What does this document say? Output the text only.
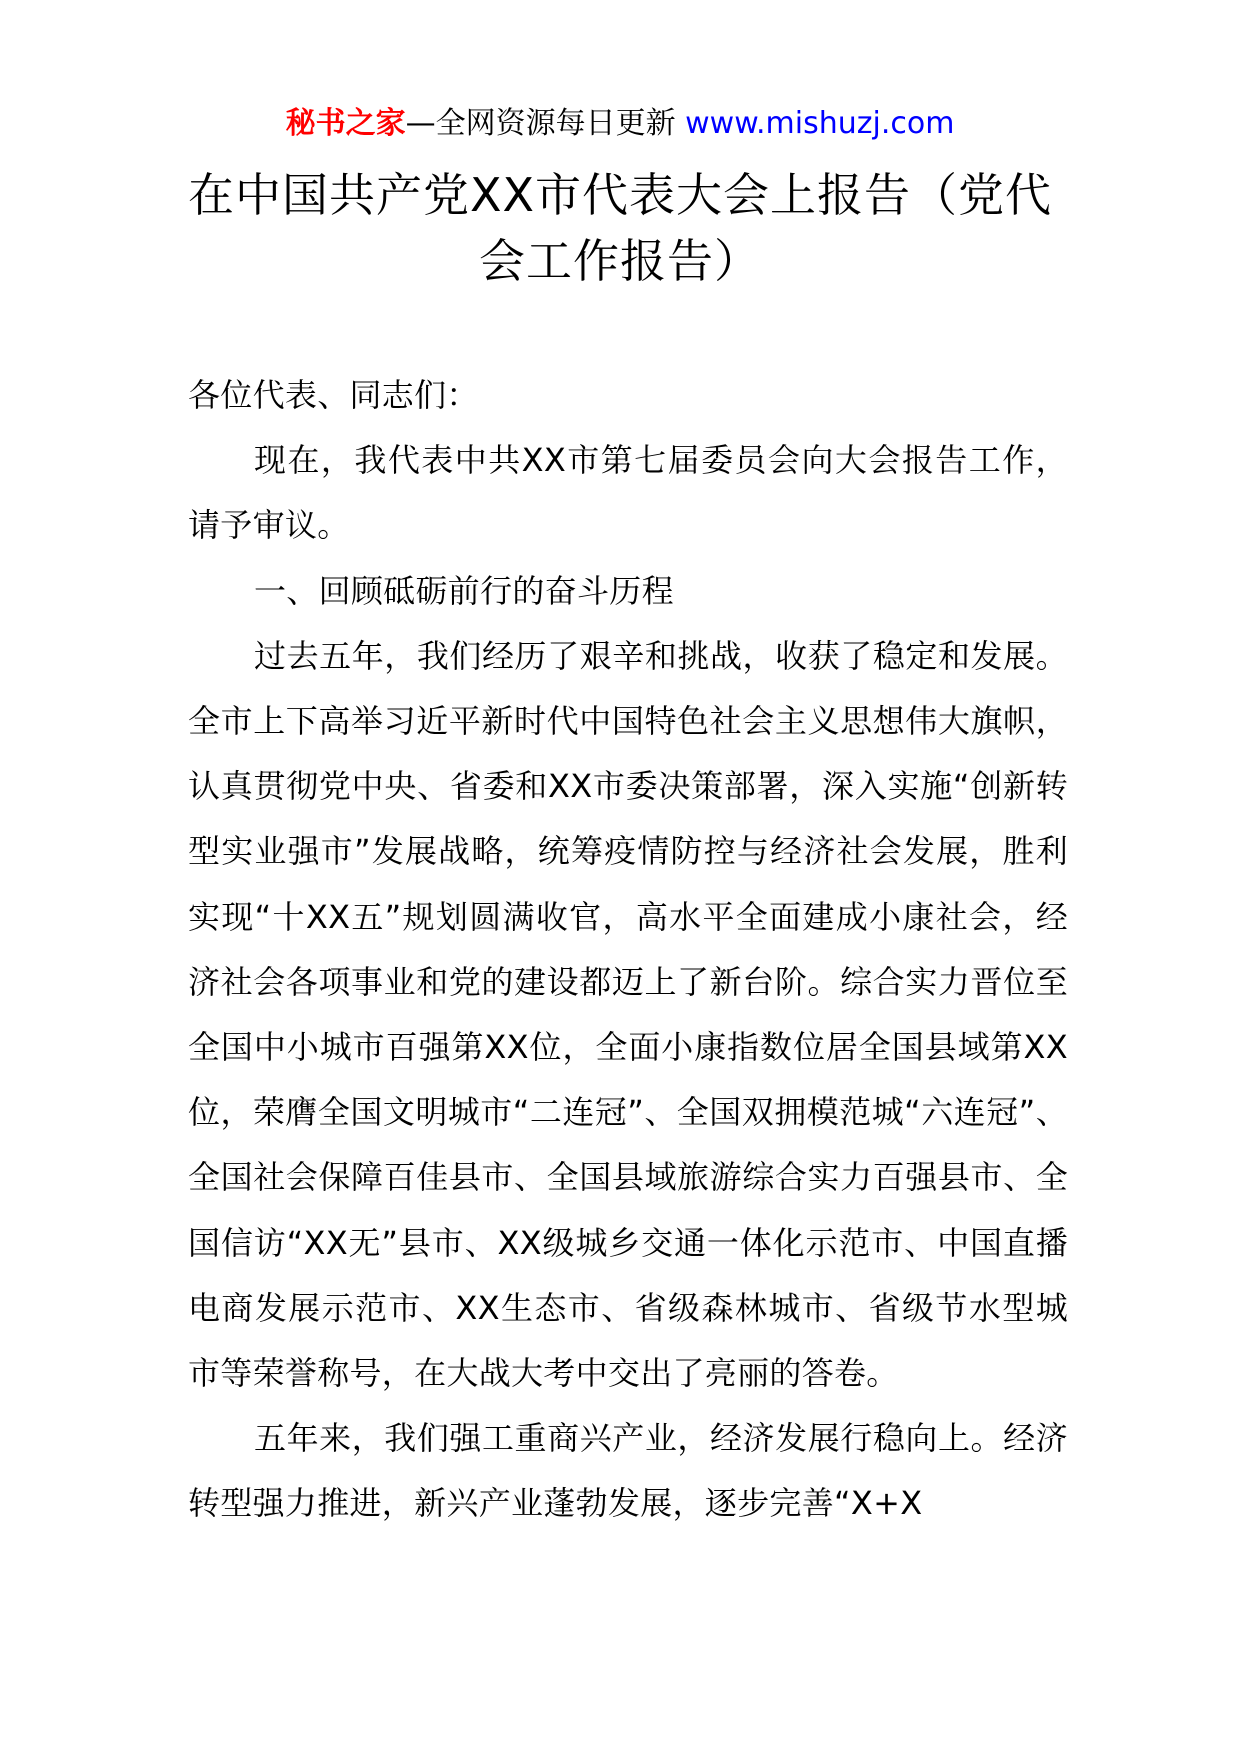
秘书之家—全网资源每日更新 www.mishuzj.com
在中国共产党XX市代表大会上报告（党代会工作报告）

各位代表、同志们：

现在，我代表中共XX市第七届委员会向大会报告工作，请予审议。

一、回顾砥砺前行的奋斗历程

过去五年，我们经历了艰辛和挑战，收获了稳定和发展。全市上下高举习近平新时代中国特色社会主义思想伟大旗帜，认真贯彻党中央、省委和XX市委决策部署，深入实施“创新转型实业强市”发展战略，统筹疫情防控与经济社会发展，胜利实现“十XX五”规划圆满收官，高水平全面建成小康社会，经济社会各项事业和党的建设都迈上了新台阶。综合实力晋位至全国中小城市百强第XX位，全面小康指数位居全国县域第XX位，荣膺全国文明城市“二连冠”、全国双拥模范城“六连冠”、全国社会保障百佳县市、全国县域旅游综合实力百强县市、全国信访“XX无”县市、XX级城乡交通一体化示范市、中国直播电商发展示范市、XX生态市、省级森林城市、省级节水型城市等荣誉称号，在大战大考中交出了亮丽的答卷。

五年来，我们强工重商兴产业，经济发展行稳向上。经济转型强力推进，新兴产业蓬勃发展，逐步完善“X+X
